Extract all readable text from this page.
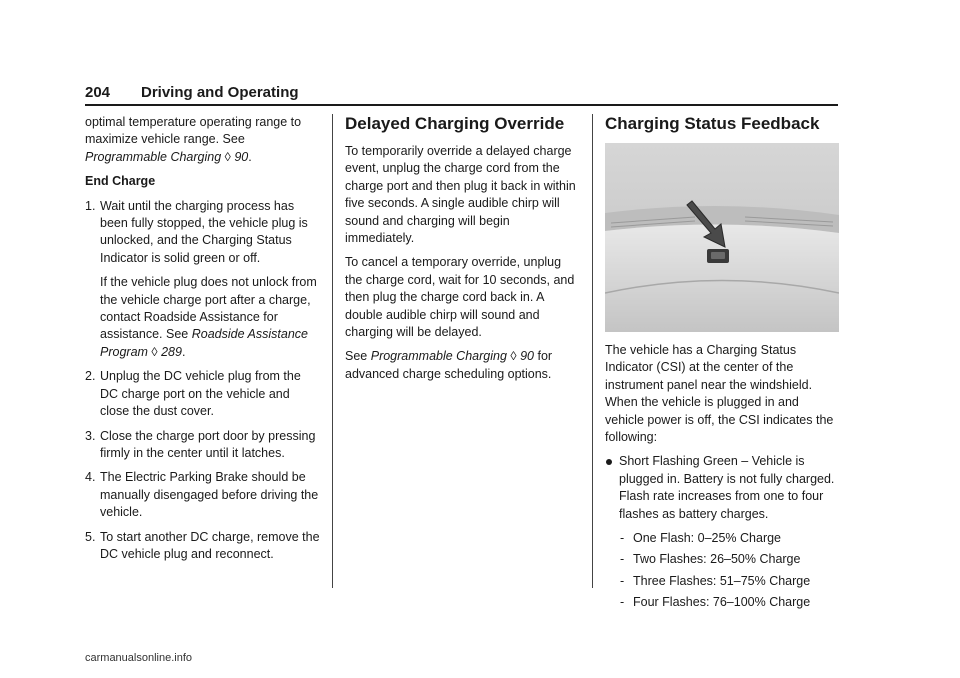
204 Driving and Operating

optimal temperature operating range to maximize vehicle range. See Programmable Charging ◊ 90.

End Charge

1. Wait until the charging process has been fully stopped, the vehicle plug is unlocked, and the Charging Status Indicator is solid green or off.
If the vehicle plug does not unlock from the vehicle charge port after a charge, contact Roadside Assistance for assistance. See Roadside Assistance Program ◊ 289.
2. Unplug the DC vehicle plug from the DC charge port on the vehicle and close the dust cover.
3. Close the charge port door by pressing firmly in the center until it latches.
4. The Electric Parking Brake should be manually disengaged before driving the vehicle.
5. To start another DC charge, remove the DC vehicle plug and reconnect.
Delayed Charging Override

To temporarily override a delayed charge event, unplug the charge cord from the charge port and then plug it back in within five seconds. A single audible chirp will sound and charging will begin immediately.

To cancel a temporary override, unplug the charge cord, wait for 10 seconds, and then plug the charge cord back in. A double audible chirp will sound and charging will be delayed.

See Programmable Charging ◊ 90 for advanced charge scheduling options.

Charging Status Feedback

The vehicle has a Charging Status Indicator (CSI) at the center of the instrument panel near the windshield. When the vehicle is plugged in and vehicle power is off, the CSI indicates the following:

Short Flashing Green – Vehicle is plugged in. Battery is not fully charged. Flash rate increases from one to four flashes as battery charges.
- One Flash: 0–25% Charge
- Two Flashes: 26–50% Charge
- Three Flashes: 51–75% Charge
- Four Flashes: 76–100% Charge
carmanualsonline.info
